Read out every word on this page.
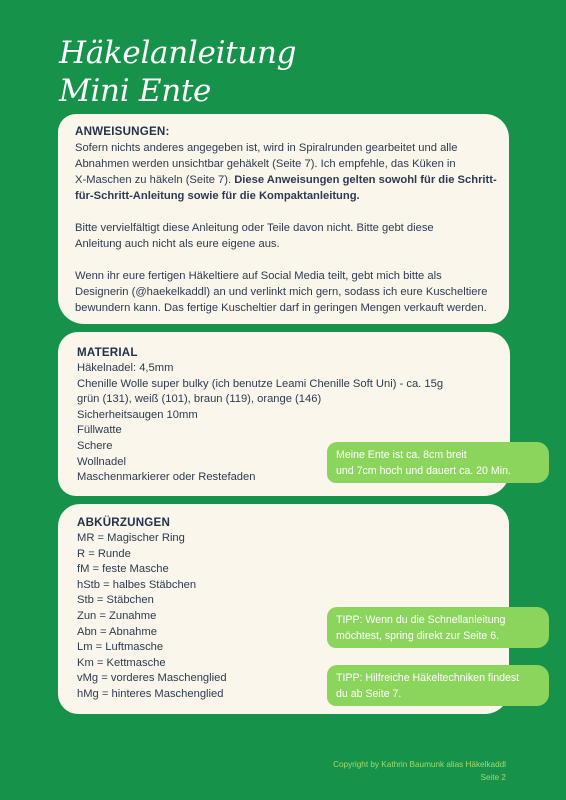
Häkelanleitung
Mini Ente
ANWEISUNGEN:
Sofern nichts anderes angegeben ist, wird in Spiralrunden gearbeitet und alle
Abnahmen werden unsichtbar gehäkelt (Seite 7). Ich empfehle, das Küken in
X-Maschen zu häkeln (Seite 7). Diese Anweisungen gelten sowohl für die Schritt-
für-Schritt-Anleitung sowie für die Kompaktanleitung.
Bitte vervielfältigt diese Anleitung oder Teile davon nicht. Bitte gebt diese
Anleitung auch nicht als eure eigene aus.
Wenn ihr eure fertigen Häkeltiere auf Social Media teilt, gebt mich bitte als
Designerin (@haekelkaddl) an und verlinkt mich gern, sodass ich eure Kuscheltiere
bewundern kann. Das fertige Kuscheltier darf in geringen Mengen verkauft werden.
MATERIAL
Häkelnadel: 4,5mm
Chenille Wolle super bulky (ich benutze Leami Chenille Soft Uni) - ca. 15g
grün (131), weiß (101), braun (119), orange (146)
Sicherheitsaugen 10mm
Füllwatte
Schere
Wollnadel
Maschenmarkierer oder Restefaden
ABKÜRZUNGEN
MR = Magischer Ring
R = Runde
fM = feste Masche
hStb = halbes Stäbchen
Stb = Stäbchen
Zun = Zunahme
Abn = Abnahme
Lm = Luftmasche
Km = Kettmasche
vMg = vorderes Maschenglied
hMg = hinteres Maschenglied
Meine Ente ist ca. 8cm breit
und 7cm hoch und dauert ca. 20 Min.
TIPP: Wenn du die Schnellanleitung
möchtest, spring direkt zur Seite 6.
TIPP: Hilfreiche Häkeltechniken findest
du ab Seite 7.
Copyright by Kathrin Baumunk alias Häkelkaddl
Seite 2
